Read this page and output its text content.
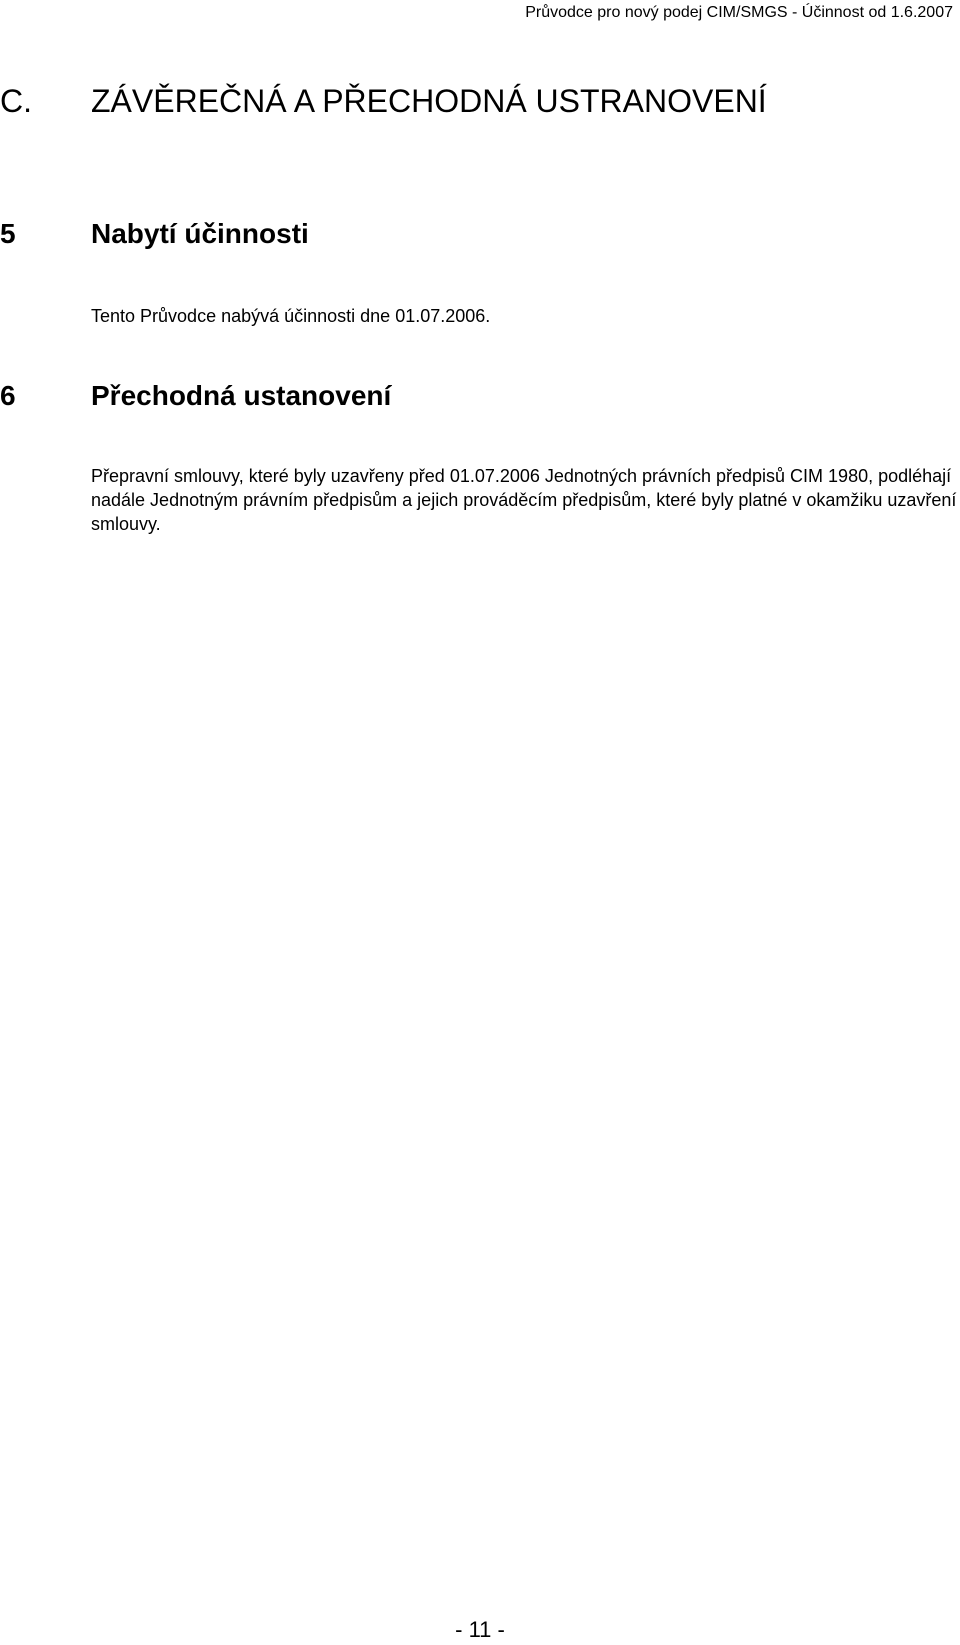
Průvodce pro nový podej CIM/SMGS - Účinnost od 1.6.2007
C. ZÁVĚREČNÁ A PŘECHODNÁ USTRANOVENÍ
5	Nabytí účinnosti
Tento Průvodce nabývá účinnosti dne 01.07.2006.
6	Přechodná ustanovení
Přepravní smlouvy, které byly uzavřeny před 01.07.2006 Jednotných právních předpisů CIM 1980, podléhají nadále Jednotným právním předpisům a jejich prováděcím předpisům, které byly platné v okamžiku uzavření smlouvy.
- 11 -
